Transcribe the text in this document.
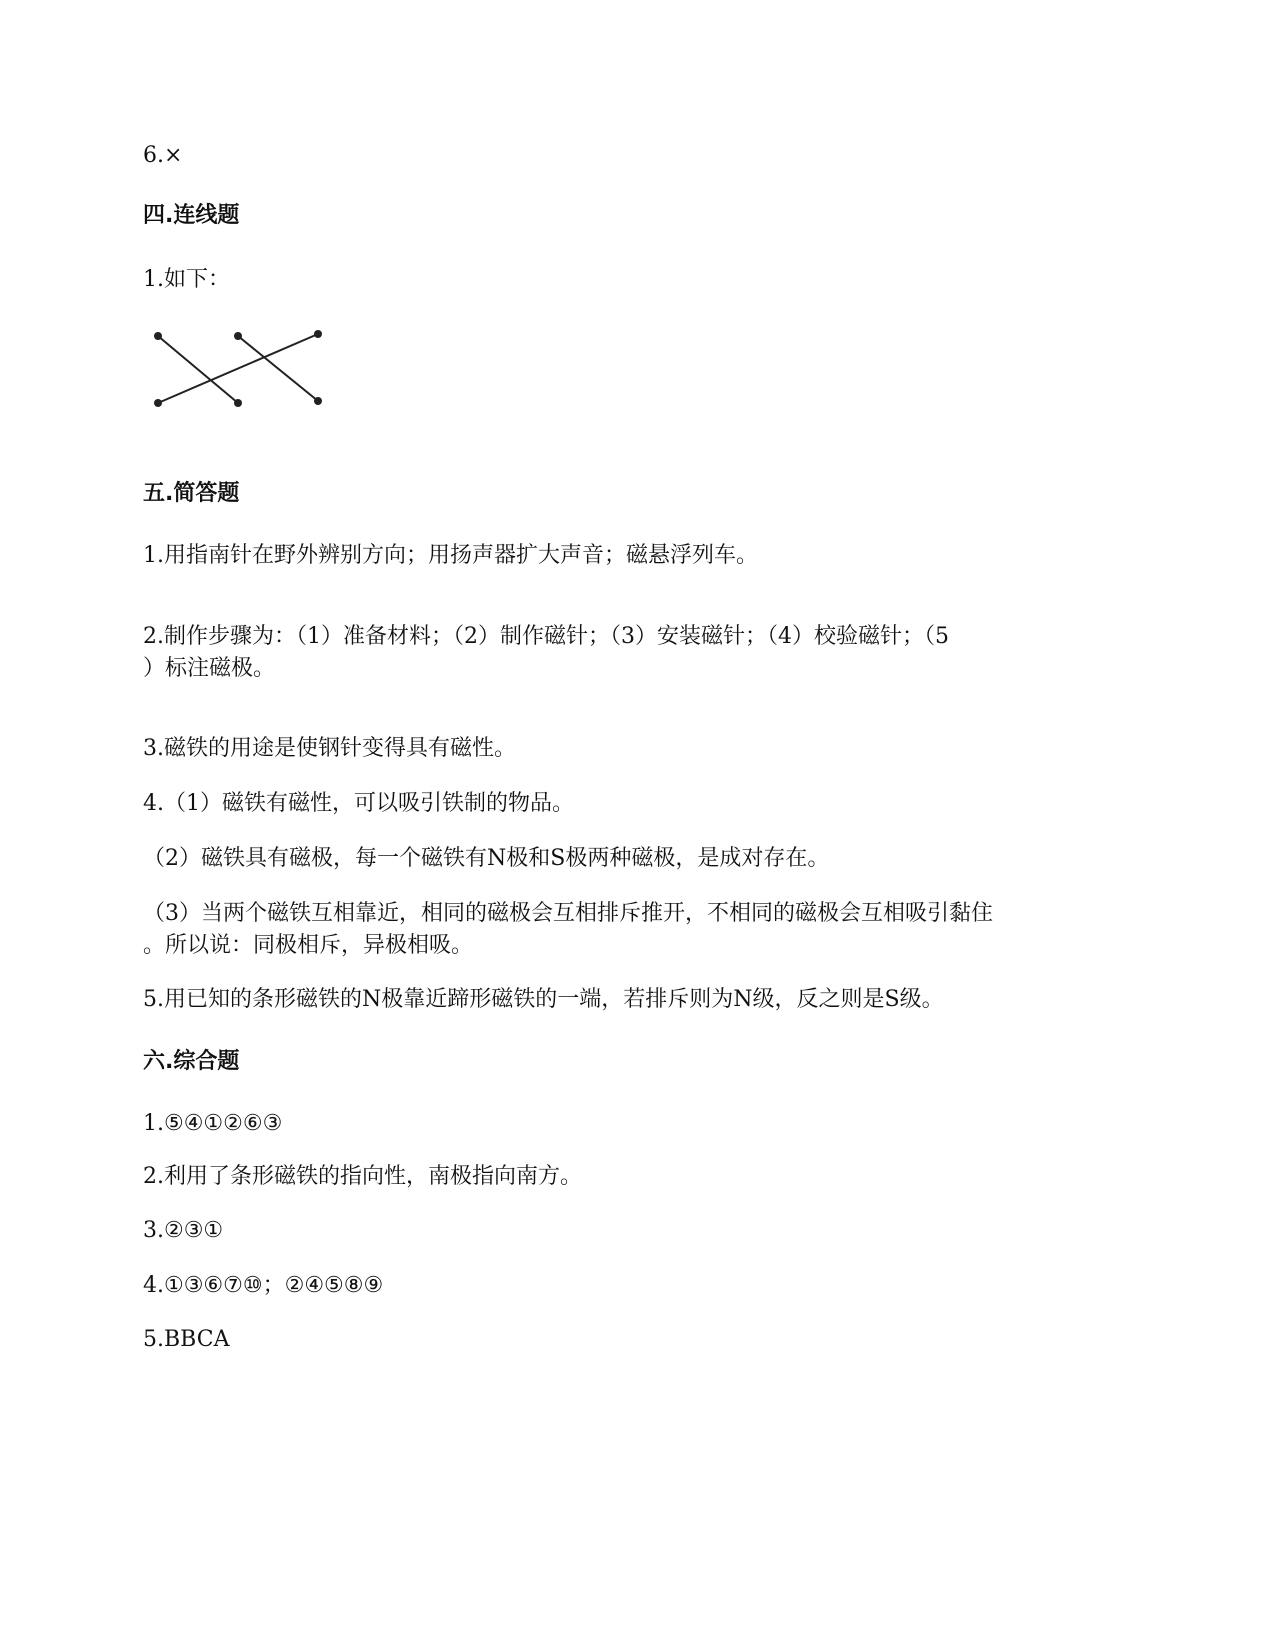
6.×
四.连线题
1.如下：
五.简答题
1.用指南针在野外辨别方向；用扬声器扩大声音；磁悬浮列车。
2.制作步骤为：（1）准备材料；（2）制作磁针；（3）安装磁针；（4）校验磁针；（5
）标注磁极。
3.磁铁的用途是使钢针变得具有磁性。
4.（1）磁铁有磁性，可以吸引铁制的物品。
（2）磁铁具有磁极，每一个磁铁有N极和S极两种磁极，是成对存在。
（3）当两个磁铁互相靠近，相同的磁极会互相排斥推开，不相同的磁极会互相吸引黏住
。所以说：同极相斥，异极相吸。
5.用已知的条形磁铁的N极靠近蹄形磁铁的一端，若排斥则为N级，反之则是S级。
六.综合题
1.⑤④①②⑥③
2.利用了条形磁铁的指向性，南极指向南方。
3.②③①
4.①③⑥⑦⑩；②④⑤⑧⑨
5.BBCA
